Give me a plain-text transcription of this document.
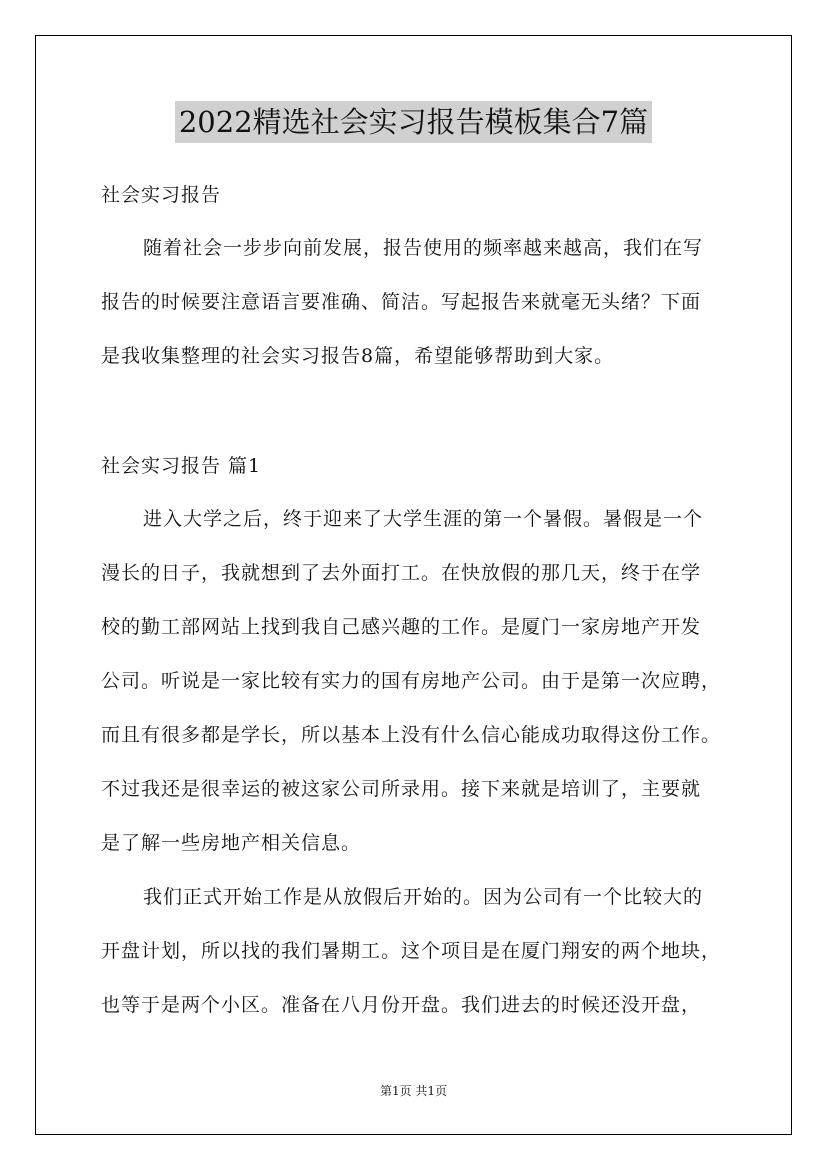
2022精选社会实习报告模板集合7篇
社会实习报告
随着社会一步步向前发展，报告使用的频率越来越高，我们在写
报告的时候要注意语言要准确、简洁。写起报告来就毫无头绪？下面
是我收集整理的社会实习报告8篇，希望能够帮助到大家。
社会实习报告 篇1
进入大学之后，终于迎来了大学生涯的第一个暑假。暑假是一个
漫长的日子，我就想到了去外面打工。在快放假的那几天，终于在学
校的勤工部网站上找到我自己感兴趣的工作。是厦门一家房地产开发
公司。听说是一家比较有实力的国有房地产公司。由于是第一次应聘，
而且有很多都是学长，所以基本上没有什么信心能成功取得这份工作。
不过我还是很幸运的被这家公司所录用。接下来就是培训了，主要就
是了解一些房地产相关信息。
我们正式开始工作是从放假后开始的。因为公司有一个比较大的
开盘计划，所以找的我们暑期工。这个项目是在厦门翔安的两个地块，
也等于是两个小区。准备在八月份开盘。我们进去的时候还没开盘，
第1页 共1页
